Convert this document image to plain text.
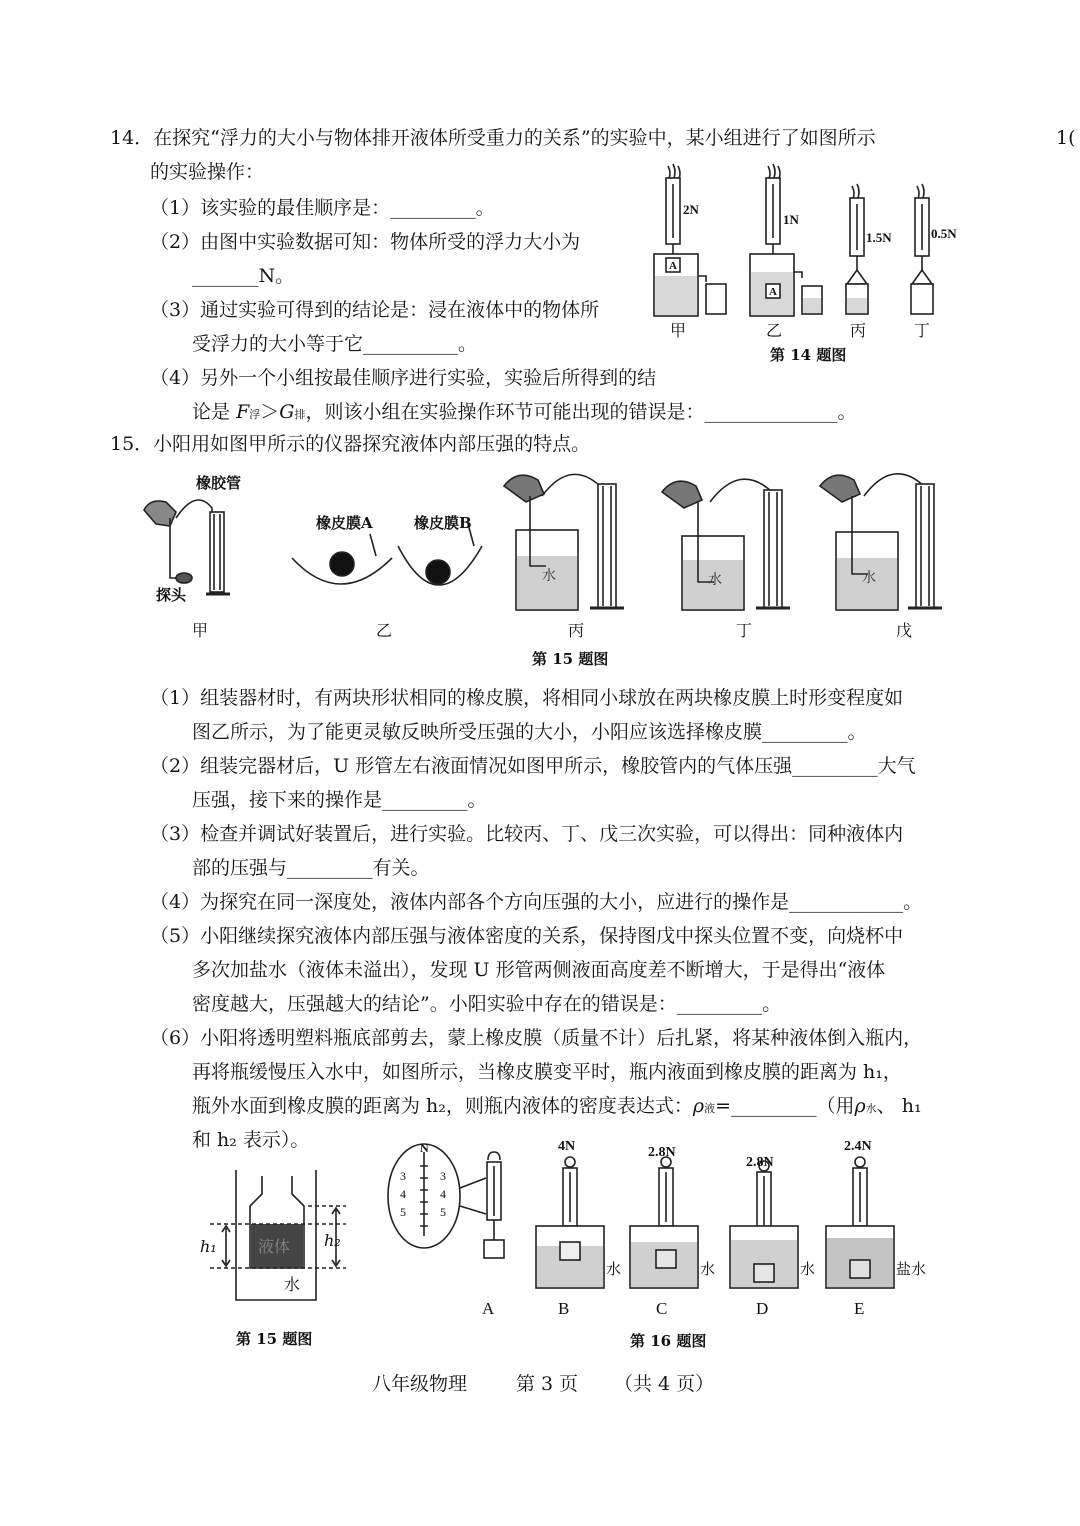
1(
14．在探究“浮力的大小与物体排开液体所受重力的关系”的实验中，某小组进行了如图所示
的实验操作：
（1）该实验的最佳顺序是：_________。
（2）由图中实验数据可知：物体所受的浮力大小为
_______N。
（3）通过实验可得到的结论是：浸在液体中的物体所
受浮力的大小等于它__________。
（4）另外一个小组按最佳顺序进行实验，实验后所得到的结
论是 F浮＞G排，则该小组在实验操作环节可能出现的错误是：______________。
2N
1N
1.5N	0.5N
A
A
甲	乙	丙	丁
第 14 题图
15．小阳用如图甲所示的仪器探究液体内部压强的特点。
橡胶管
探头
橡皮膜A	橡皮膜B
水	水	水
甲	乙	丙	丁	戊
第 15 题图
（1）组装器材时，有两块形状相同的橡皮膜，将相同小球放在两块橡皮膜上时形变程度如
图乙所示，为了能更灵敏反映所受压强的大小，小阳应该选择橡皮膜_________。
（2）组装完器材后，U 形管左右液面情况如图甲所示，橡胶管内的气体压强_________大气
压强，接下来的操作是_________。
（3）检查并调试好装置后，进行实验。比较丙、丁、戊三次实验，可以得出：同种液体内
部的压强与_________有关。
（4）为探究在同一深度处，液体内部各个方向压强的大小，应进行的操作是____________。
（5）小阳继续探究液体内部压强与液体密度的关系，保持图戊中探头位置不变，向烧杯中
多次加盐水（液体未溢出），发现 U 形管两侧液面高度差不断增大，于是得出“液体
密度越大，压强越大的结论”。小阳实验中存在的错误是：_________。
（6）小阳将透明塑料瓶底部剪去，蒙上橡皮膜（质量不计）后扎紧，将某种液体倒入瓶内，
再将瓶缓慢压入水中，如图所示，当橡皮膜变平时，瓶内液面到橡皮膜的距离为 h₁，
瓶外水面到橡皮膜的距离为 h₂，则瓶内液体的密度表达式：ρ液=_________（用ρ水、 h₁
和 h₂ 表示）。
h₁	h₂
液体
水
第 15 题图
N
3
4
5
3
4
5
4N	2.8N
2.8N
2.4N
水	水	水	盐水
A	B	C	D	E
第 16 题图
八年级物理	第 3 页 （共 4 页）
